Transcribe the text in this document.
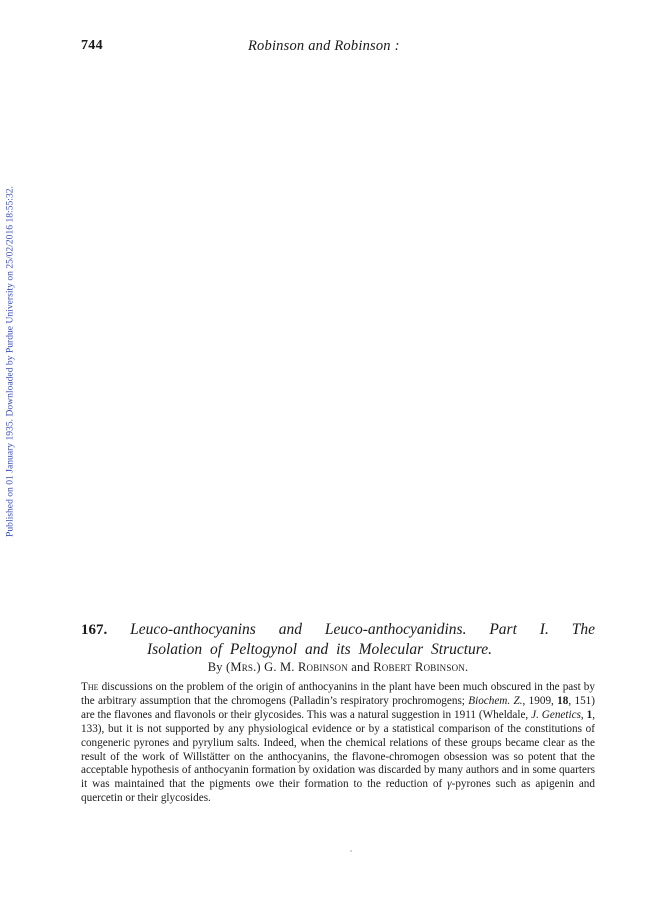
744	Robinson and Robinson :
Published on 01 January 1935. Downloaded by Purdue University on 25/02/2016 18:55:32.
167. Leuco-anthocyanins and Leuco-anthocyanidins. Part I. The
Isolation of Peltogynol and its Molecular Structure.
By (Mrs.) G. M. Robinson and Robert Robinson.

The discussions on the problem of the origin of anthocyanins in the plant have been much obscured in the past by the arbitrary assumption that the chromogens (Palladin’s respiratory prochromogens; Biochem. Z., 1909, 18, 151) are the flavones and flavonols or their glycosides. This was a natural suggestion in 1911 (Wheldale, J. Genetics, 1, 133), but it is not supported by any physiological evidence or by a statistical comparison of the constitutions of congeneric pyrones and pyrylium salts. Indeed, when the chemical relations of these groups became clear as the result of the work of Willstätter on the anthocyanins, the flavone-chromogen obsession was so potent that the acceptable hypothesis of anthocyanin formation by oxidation was discarded by many authors and in some quarters it was maintained that the pigments owe their formation to the reduction of γ-pyrones such as apigenin and quercetin or their glycosides.
